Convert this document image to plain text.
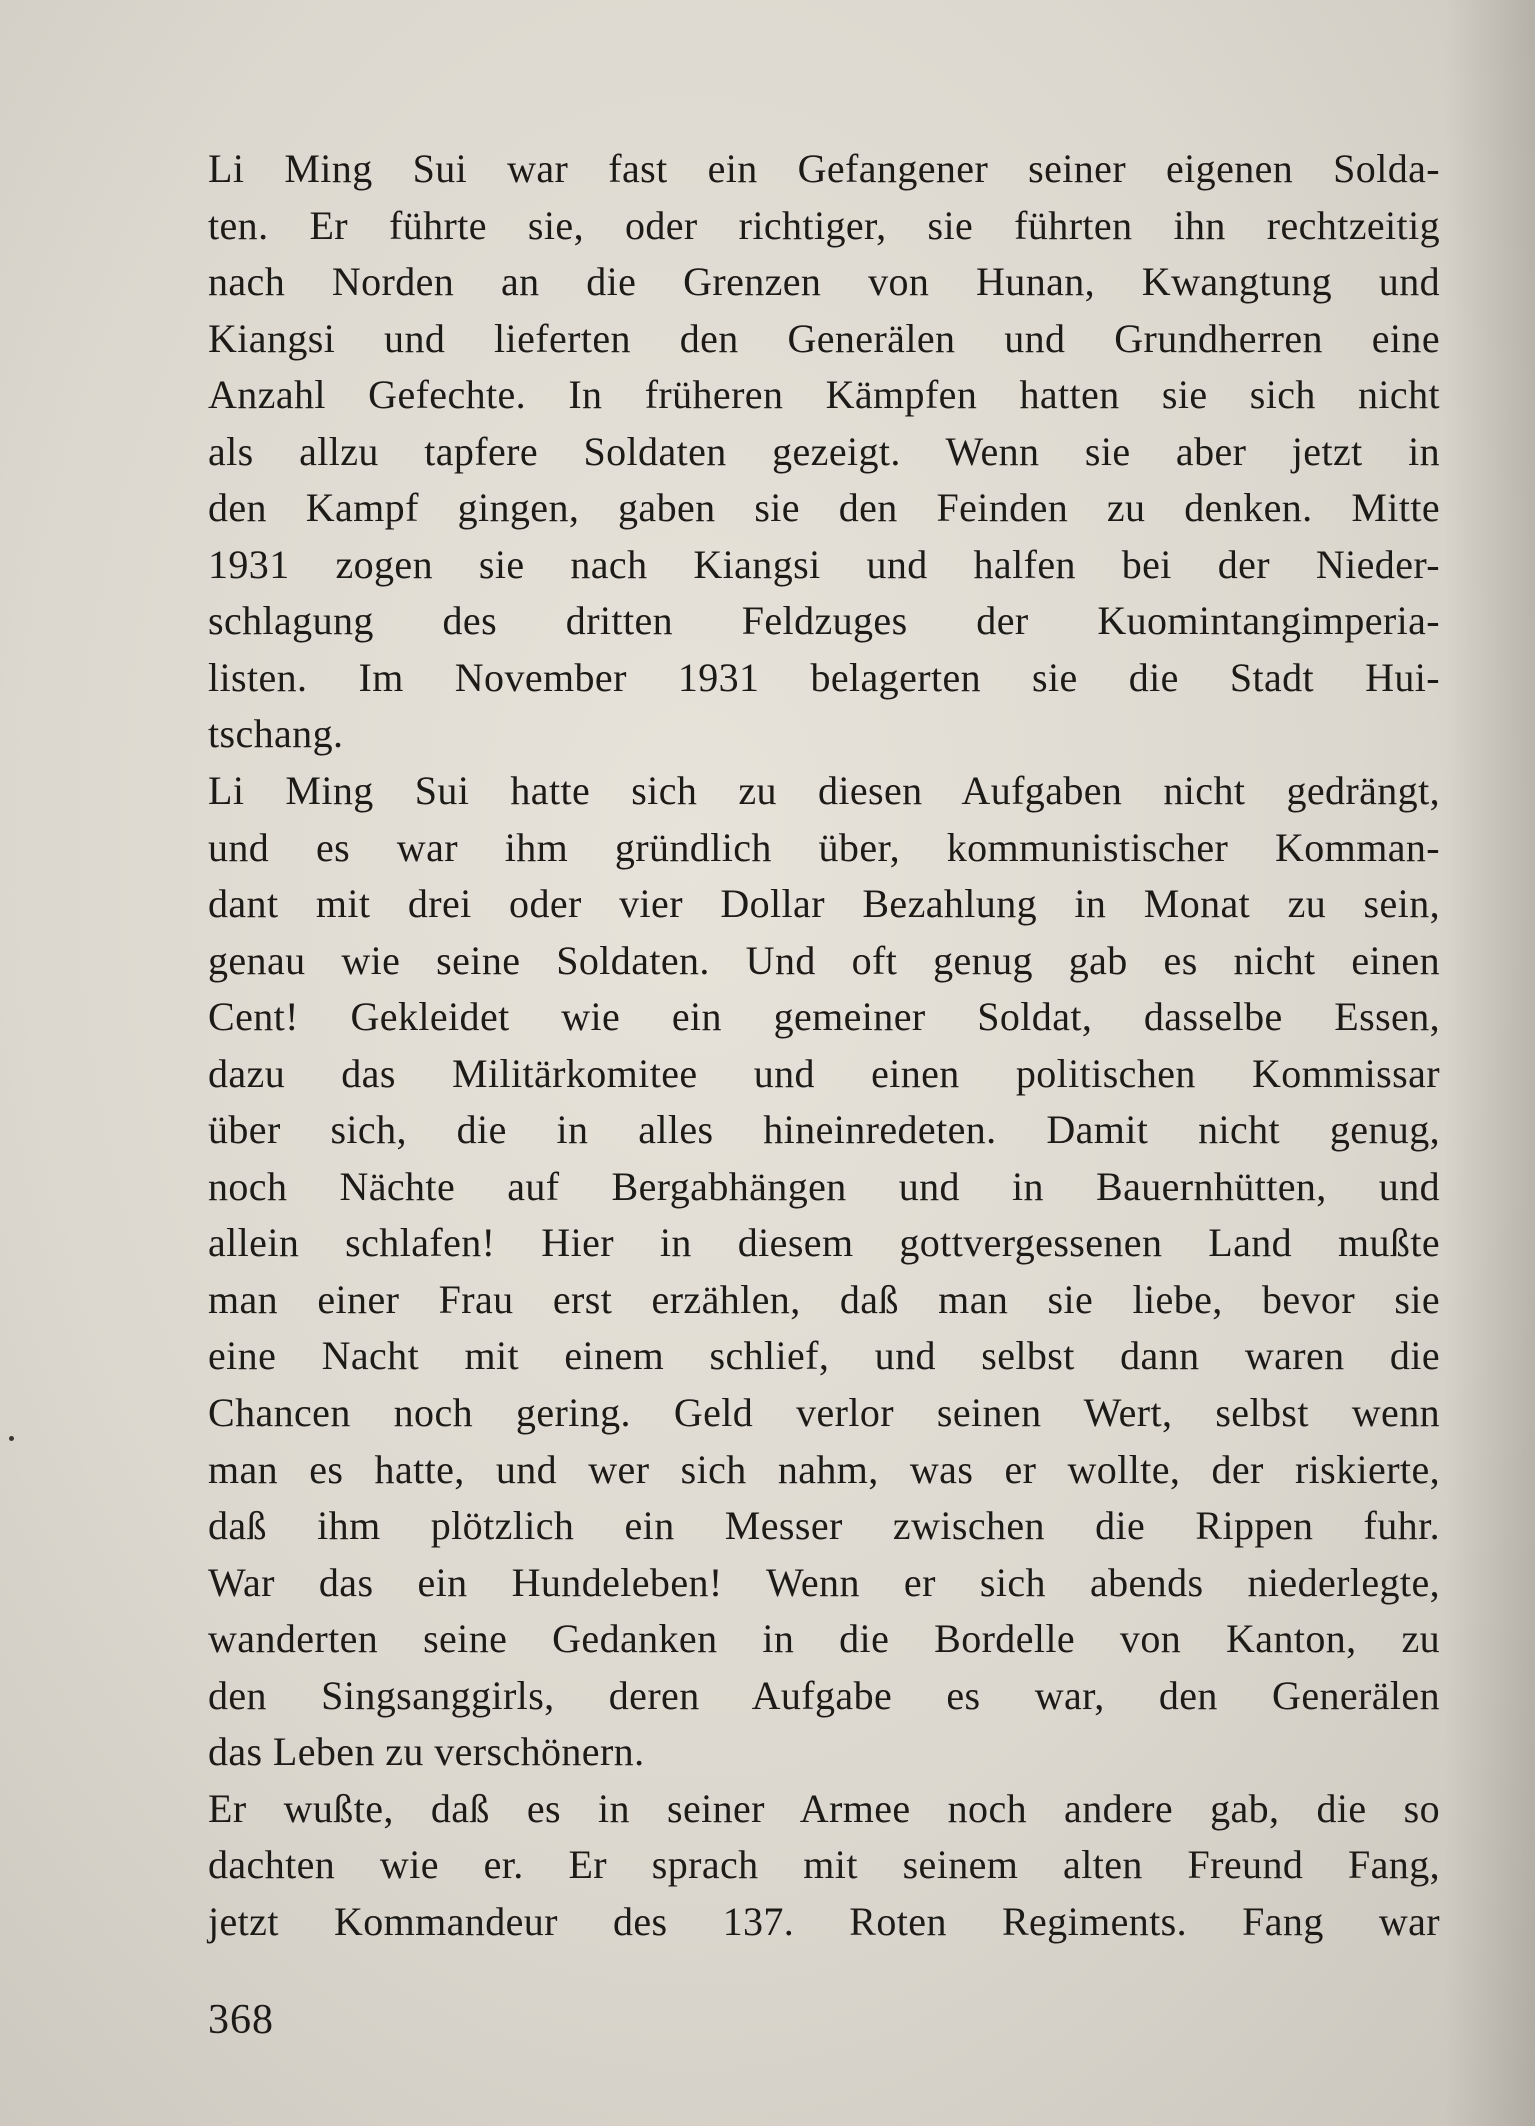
Li Ming Sui war fast ein Gefangener seiner eigenen Solda-
ten. Er führte sie, oder richtiger, sie führten ihn rechtzeitig
nach Norden an die Grenzen von Hunan, Kwangtung und
Kiangsi und lieferten den Generälen und Grundherren eine
Anzahl Gefechte. In früheren Kämpfen hatten sie sich nicht
als allzu tapfere Soldaten gezeigt. Wenn sie aber jetzt in
den Kampf gingen, gaben sie den Feinden zu denken. Mitte
1931 zogen sie nach Kiangsi und halfen bei der Nieder-
schlagung des dritten Feldzuges der Kuomintangimperia-
listen. Im November 1931 belagerten sie die Stadt Hui-
tschang.
Li Ming Sui hatte sich zu diesen Aufgaben nicht gedrängt,
und es war ihm gründlich über, kommunistischer Komman-
dant mit drei oder vier Dollar Bezahlung in Monat zu sein,
genau wie seine Soldaten. Und oft genug gab es nicht einen
Cent! Gekleidet wie ein gemeiner Soldat, dasselbe Essen,
dazu das Militärkomitee und einen politischen Kommissar
über sich, die in alles hineinredeten. Damit nicht genug,
noch Nächte auf Bergabhängen und in Bauernhütten, und
allein schlafen! Hier in diesem gottvergessenen Land mußte
man einer Frau erst erzählen, daß man sie liebe, bevor sie
eine Nacht mit einem schlief, und selbst dann waren die
Chancen noch gering. Geld verlor seinen Wert, selbst wenn
man es hatte, und wer sich nahm, was er wollte, der riskierte,
daß ihm plötzlich ein Messer zwischen die Rippen fuhr.
War das ein Hundeleben! Wenn er sich abends niederlegte,
wanderten seine Gedanken in die Bordelle von Kanton, zu
den Singsanggirls, deren Aufgabe es war, den Generälen
das Leben zu verschönern.
Er wußte, daß es in seiner Armee noch andere gab, die so
dachten wie er. Er sprach mit seinem alten Freund Fang,
jetzt Kommandeur des 137. Roten Regiments. Fang war
368
